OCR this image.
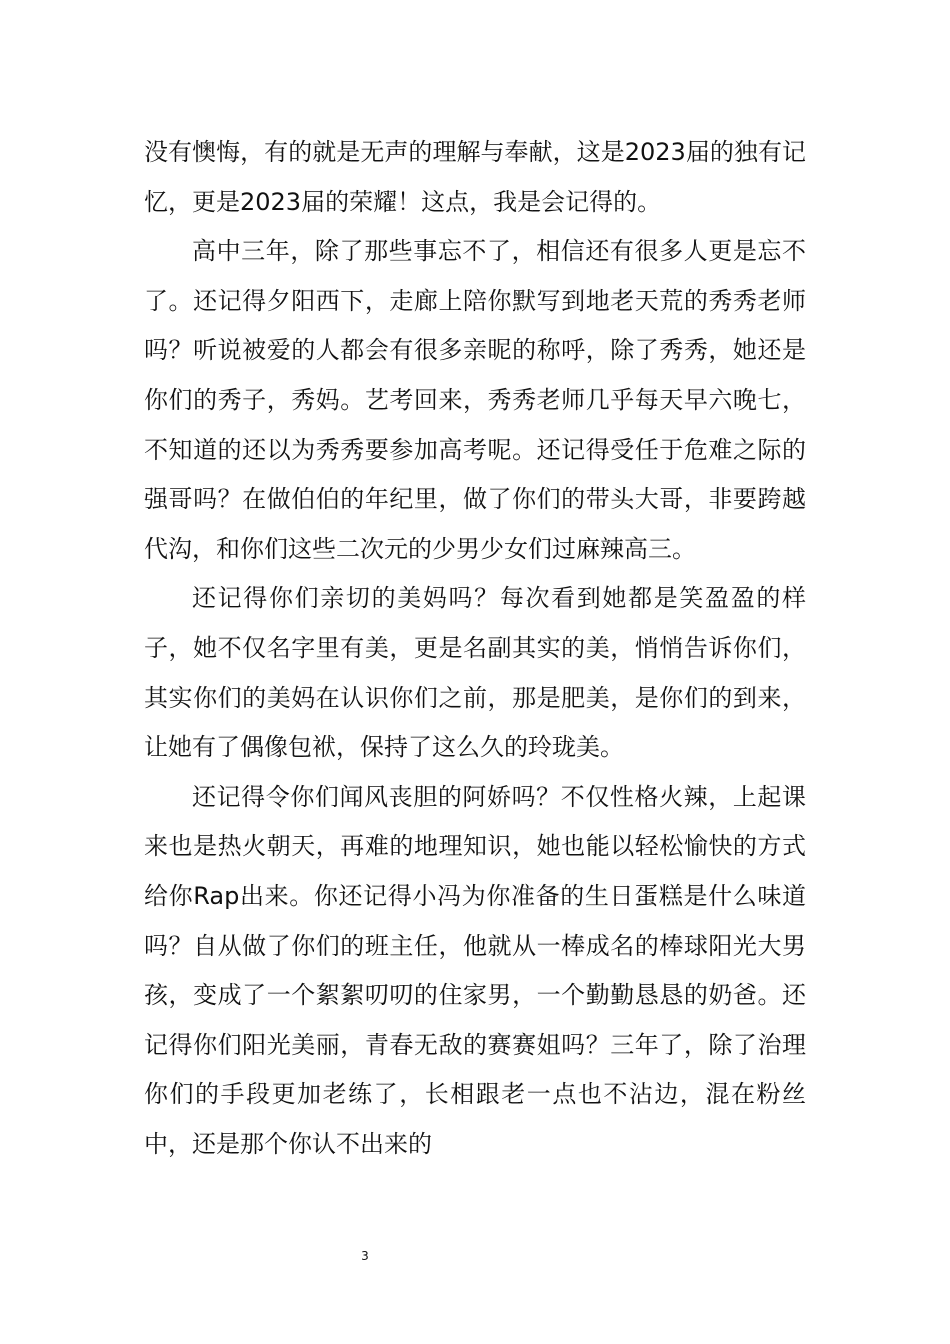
没有懊悔，有的就是无声的理解与奉献，这是2023届的独有记忆，更是2023届的荣耀！这点，我是会记得的。

高中三年，除了那些事忘不了，相信还有很多人更是忘不了。还记得夕阳西下，走廊上陪你默写到地老天荒的秀秀老师吗？听说被爱的人都会有很多亲昵的称呼，除了秀秀，她还是你们的秀子，秀妈。艺考回来，秀秀老师几乎每天早六晚七，不知道的还以为秀秀要参加高考呢。还记得受任于危难之际的强哥吗？在做伯伯的年纪里，做了你们的带头大哥，非要跨越代沟，和你们这些二次元的少男少女们过麻辣高三。

还记得你们亲切的美妈吗？每次看到她都是笑盈盈的样子，她不仅名字里有美，更是名副其实的美，悄悄告诉你们，其实你们的美妈在认识你们之前，那是肥美，是你们的到来，让她有了偶像包袱，保持了这么久的玲珑美。

还记得令你们闻风丧胆的阿娇吗？不仅性格火辣，上起课来也是热火朝天，再难的地理知识，她也能以轻松愉快的方式给你Rap出来。你还记得小冯为你准备的生日蛋糕是什么味道吗？自从做了你们的班主任，他就从一棒成名的棒球阳光大男孩，变成了一个絮絮叨叨的住家男，一个勤勤恳恳的奶爸。还记得你们阳光美丽，青春无敌的赛赛姐吗？三年了，除了治理你们的手段更加老练了，长相跟老一点也不沾边，混在粉丝中，还是那个你认不出来的

3
